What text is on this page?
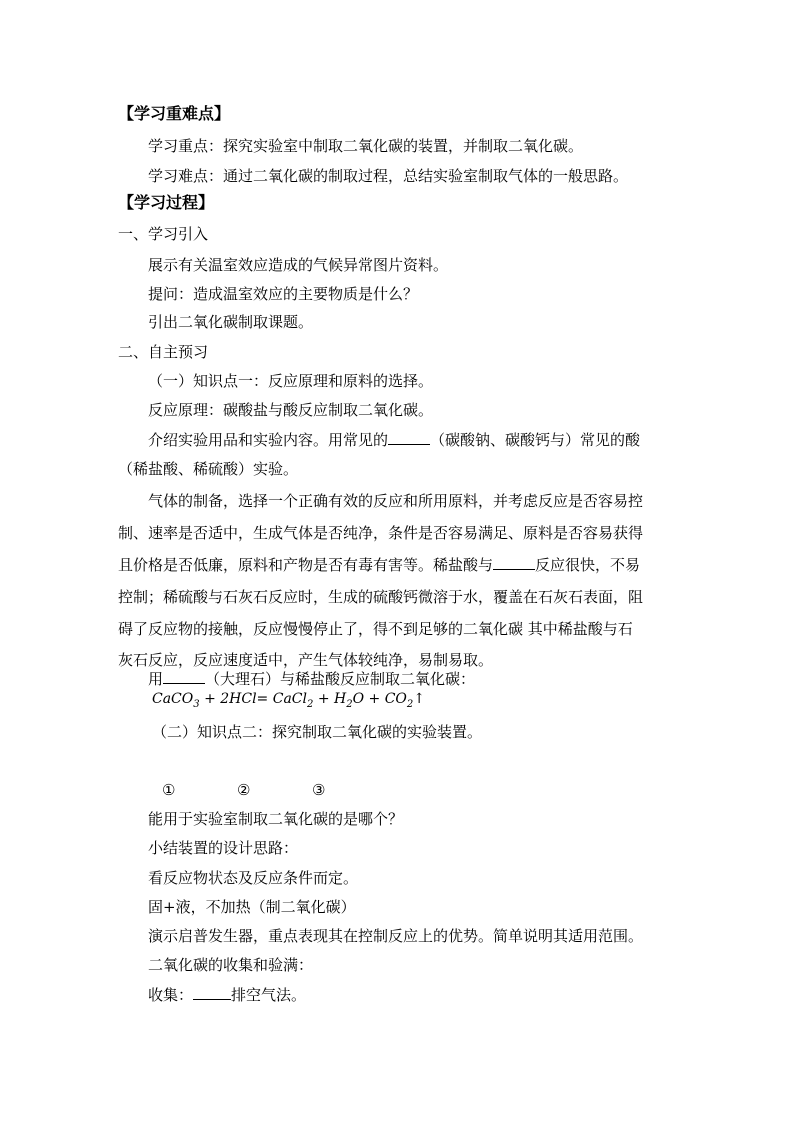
【学习重难点】
学习重点：探究实验室中制取二氧化碳的装置，并制取二氧化碳。
学习难点：通过二氧化碳的制取过程，总结实验室制取气体的一般思路。
【学习过程】
一、学习引入
展示有关温室效应造成的气候异常图片资料。
提问：造成温室效应的主要物质是什么？
引出二氧化碳制取课题。
二、自主预习
（一）知识点一：反应原理和原料的选择。
反应原理：碳酸盐与酸反应制取二氧化碳。
介绍实验用品和实验内容。用常见的	（碳酸钠、碳酸钙与）常见的酸
（稀盐酸、稀硫酸）实验。
气体的制备，选择一个正确有效的反应和所用原料，并考虑反应是否容易控
制、速率是否适中，生成气体是否纯净，条件是否容易满足、原料是否容易获得
且价格是否低廉，原料和产物是否有毒有害等。稀盐酸与	反应很快，不易
控制；稀硫酸与石灰石反应时，生成的硫酸钙微溶于水，覆盖在石灰石表面，阻
碍了反应物的接触，反应慢慢停止了，得不到足够的二氧化碳 其中稀盐酸与石
灰石反应，反应速度适中，产生气体较纯净，易制易取。
用	（大理石）与稀盐酸反应制取二氧化碳：
CaCO$_3$ + 2HCl= CaCl$_2$ + $H_2O$ + $CO_2↑$
（二）知识点二：探究制取二氧化碳的实验装置。
①	②	③
能用于实验室制取二氧化碳的是哪个？
小结装置的设计思路：
看反应物状态及反应条件而定。
固+液，不加热（制二氧化碳）
演示启普发生器，重点表现其在控制反应上的优势。简单说明其适用范围。
二氧化碳的收集和验满：
收集：	排空气法。
